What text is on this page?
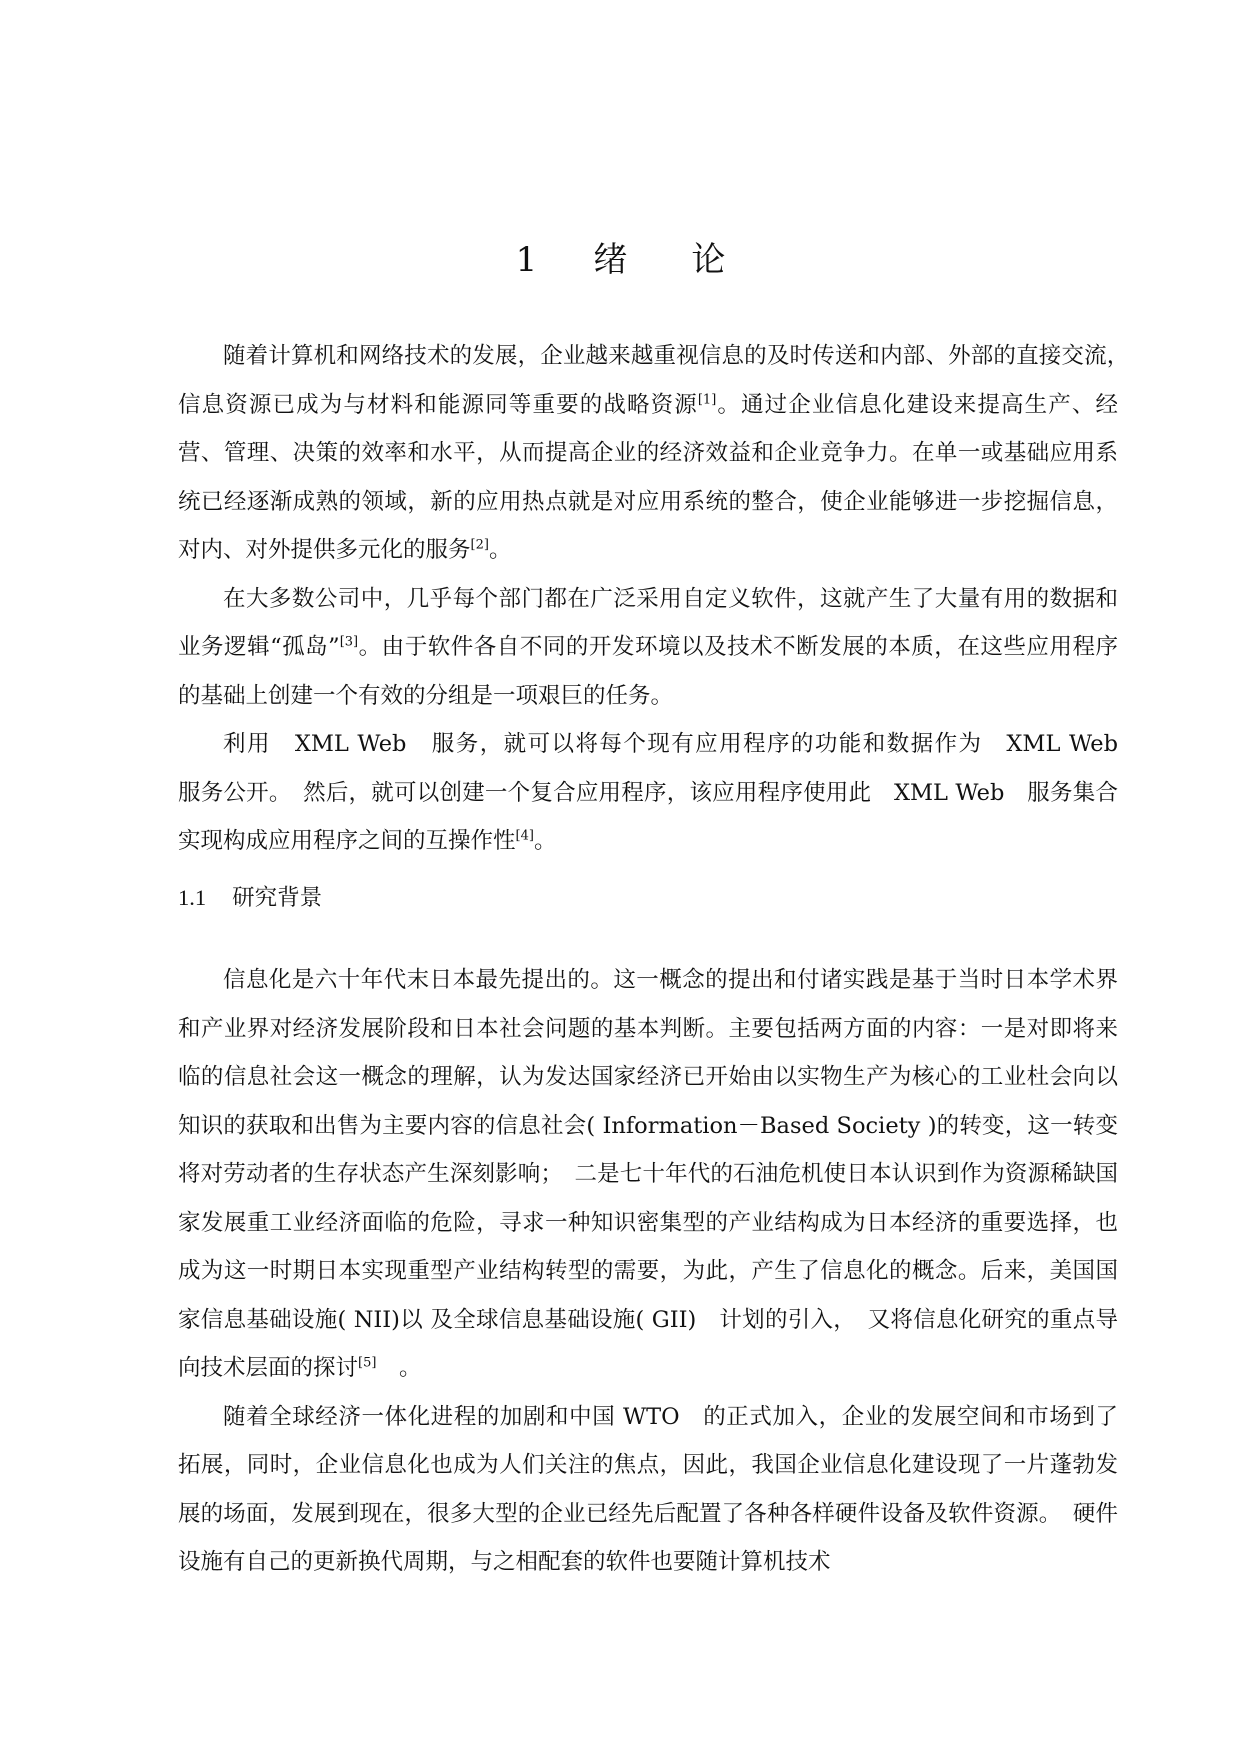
1 绪 论

随着计算机和网络技术的发展，企业越来越重视信息的及时传送和内部、外部的直接交流，　信息资源已成为与材料和能源同等重要的战略资源[1]。通过企业信息化建设来提高生产、经营、管理、决策的效率和水平，从而提高企业的经济效益和企业竞争力。在单一或基础应用系统已经逐渐成熟的领域，新的应用热点就是对应用系统的整合，使企业能够进一步挖掘信息，对内、对外提供多元化的服务[2]。

在大多数公司中，几乎每个部门都在广泛采用自定义软件，这就产生了大量有用的数据和业务逻辑“孤岛”[3]。由于软件各自不同的开发环境以及技术不断发展的本质，在这些应用程序的基础上创建一个有效的分组是一项艰巨的任务。

利用　XML Web　服务，就可以将每个现有应用程序的功能和数据作为　XML Web　服务公开。　然后，就可以创建一个复合应用程序，该应用程序使用此　XML Web　服务集合实现构成应用程序之间的互操作性[4]。

1.1 研究背景

信息化是六十年代末日本最先提出的。这一概念的提出和付诸实践是基于当时日本学术界和产业界对经济发展阶段和日本社会问题的基本判断。主要包括两方面的内容：一是对即将来临的信息社会这一概念的理解，认为发达国家经济已开始由以实物生产为核心的工业杜会向以知识的获取和出售为主要内容的信息社会( Information－Based Society )的转变，这一转变将对劳动者的生存状态产生深刻影响；　二是七十年代的石油危机使日本认识到作为资源稀缺国家发展重工业经济面临的危险，寻求一种知识密集型的产业结构成为日本经济的重要选择，也成为这一时期日本实现重型产业结构转型的需要，为此，产生了信息化的概念。后来，美国国家信息基础设施( NII)以 及全球信息基础设施( GII)　计划的引入，　又将信息化研究的重点导向技术层面的探讨[5]　。

随着全球经济一体化进程的加剧和中国 WTO　的正式加入，企业的发展空间和市场到了拓展，同时，企业信息化也成为人们关注的焦点，因此，我国企业信息化建设现了一片蓬勃发展的场面，发展到现在，很多大型的企业已经先后配置了各种各样硬件设备及软件资源。　硬件设施有自己的更新换代周期，与之相配套的软件也要随计算机技术
